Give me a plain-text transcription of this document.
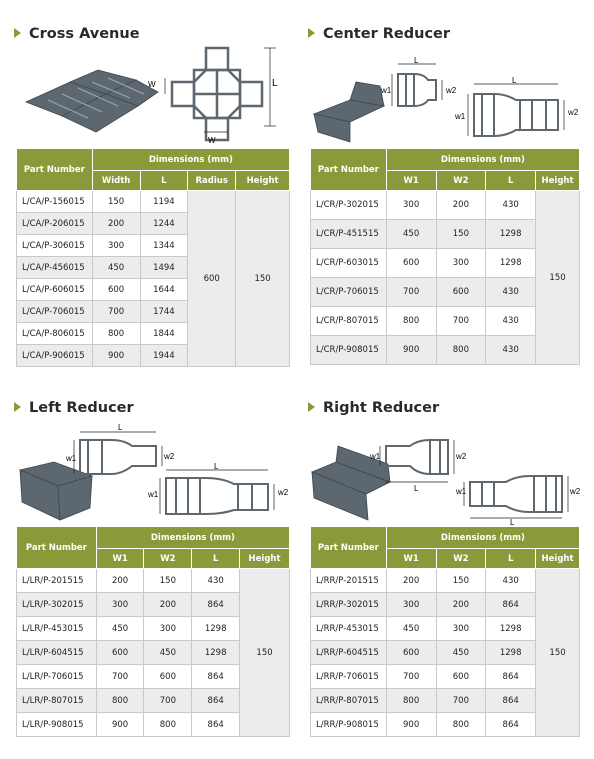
Cross Avenue
W
W
L
Part Number	Dimensions (mm)			
	Width	L	Radius	Height
L/CA/P-156015	150	1194	600	150
L/CA/P-206015	200	1244		
L/CA/P-306015	300	1344		
L/CA/P-456015	450	1494		
L/CA/P-606015	600	1644		
L/CA/P-706015	700	1744		
L/CA/P-806015	800	1844		
L/CA/P-906015	900	1944		
Center Reducer
L
w1	w2
L
w1	w2
Part Number	Dimensions (mm)			
	W1	W2	L	Height
L/CR/P-302015	300	200	430	150
L/CR/P-451515	450	150	1298	
L/CR/P-603015	600	300	1298	
L/CR/P-706015	700	600	430	
L/CR/P-807015	800	700	430	
L/CR/P-908015	900	800	430	
Left Reducer
L
w1	w2
L
w1	w2
Part Number	Dimensions (mm)			
	W1	W2	L	Height
L/LR/P-201515	200	150	430	150
L/LR/P-302015	300	200	864	
L/LR/P-453015	450	300	1298	
L/LR/P-604515	600	450	1298	
L/LR/P-706015	700	600	864	
L/LR/P-807015	800	700	864	
L/LR/P-908015	900	800	864	
Right Reducer
w1	w2
L	w1	w2
L
Part Number	Dimensions (mm)			
	W1	W2	L	Height
L/RR/P-201515	200	150	430	150
L/RR/P-302015	300	200	864	
L/RR/P-453015	450	300	1298	
L/RR/P-604515	600	450	1298	
L/RR/P-706015	700	600	864	
L/RR/P-807015	800	700	864	
L/RR/P-908015	900	800	864	
